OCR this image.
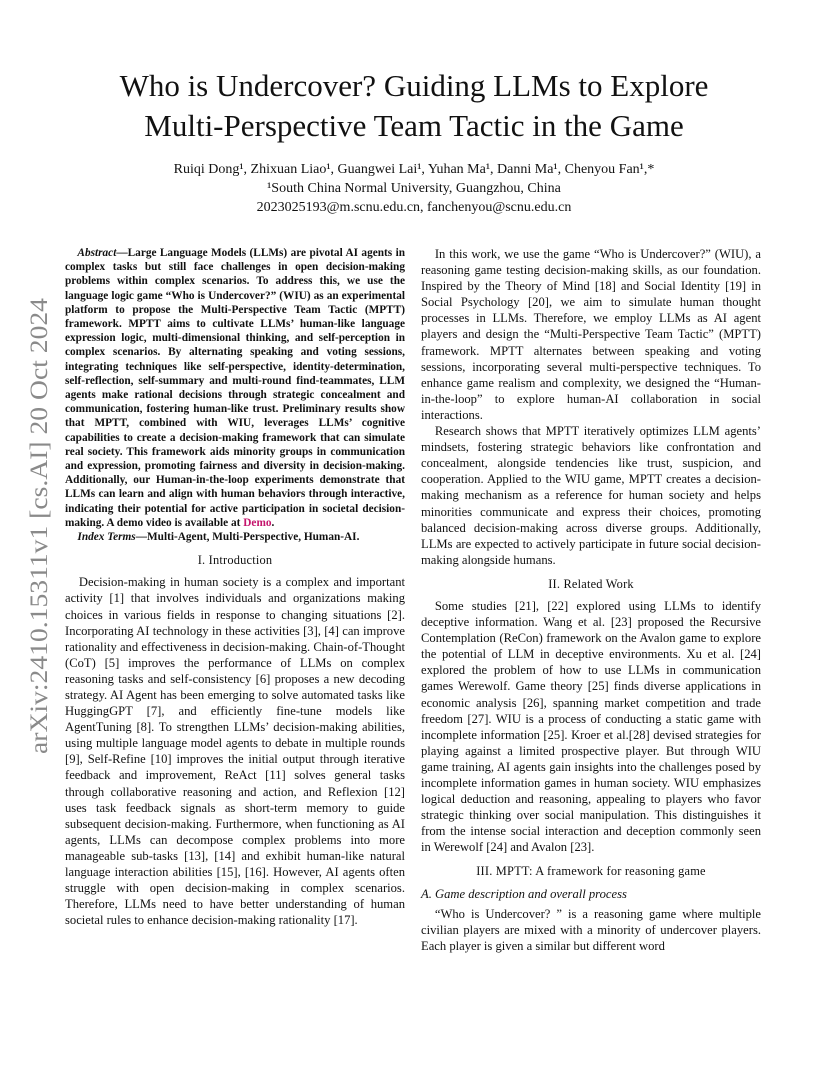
arXiv:2410.15311v1 [cs.AI] 20 Oct 2024
Who is Undercover? Guiding LLMs to Explore
Multi-Perspective Team Tactic in the Game
Ruiqi Dong¹, Zhixuan Liao¹, Guangwei Lai¹, Yuhan Ma¹, Danni Ma¹, Chenyou Fan¹,*
¹South China Normal University, Guangzhou, China
2023025193@m.scnu.edu.cn, fanchenyou@scnu.edu.cn

Abstract—Large Language Models (LLMs) are pivotal AI agents in complex tasks but still face challenges in open decision-making problems within complex scenarios. To address this, we use the language logic game “Who is Undercover?” (WIU) as an experimental platform to propose the Multi-Perspective Team Tactic (MPTT) framework. MPTT aims to cultivate LLMs’ human-like language expression logic, multi-dimensional thinking, and self-perception in complex scenarios. By alternating speaking and voting sessions, integrating techniques like self-perspective, identity-determination, self-reflection, self-summary and multi-round find-teammates, LLM agents make rational decisions through strategic concealment and communication, fostering human-like trust. Preliminary results show that MPTT, combined with WIU, leverages LLMs’ cognitive capabilities to create a decision-making framework that can simulate real society. This framework aids minority groups in communication and expression, promoting fairness and diversity in decision-making. Additionally, our Human-in-the-loop experiments demonstrate that LLMs can learn and align with human behaviors through interactive, indicating their potential for active participation in societal decision-making. A demo video is available at Demo.

Index Terms—Multi-Agent, Multi-Perspective, Human-AI.

I. Introduction

Decision-making in human society is a complex and important activity [1] that involves individuals and organizations making choices in various fields in response to changing situations [2]. Incorporating AI technology in these activities [3], [4] can improve rationality and effectiveness in decision-making. Chain-of-Thought (CoT) [5] improves the performance of LLMs on complex reasoning tasks and self-consistency [6] proposes a new decoding strategy. AI Agent has been emerging to solve automated tasks like HuggingGPT [7], and efficiently fine-tune models like AgentTuning [8]. To strengthen LLMs’ decision-making abilities, using multiple language model agents to debate in multiple rounds [9], Self-Refine [10] improves the initial output through iterative feedback and improvement, ReAct [11] solves general tasks through collaborative reasoning and action, and Reflexion [12] uses task feedback signals as short-term memory to guide subsequent decision-making. Furthermore, when functioning as AI agents, LLMs can decompose complex problems into more manageable sub-tasks [13], [14] and exhibit human-like natural language interaction abilities [15], [16]. However, AI agents often struggle with open decision-making in complex scenarios. Therefore, LLMs need to have better understanding of human societal rules to enhance decision-making rationality [17].

In this work, we use the game “Who is Undercover?” (WIU), a reasoning game testing decision-making skills, as our foundation. Inspired by the Theory of Mind [18] and Social Identity [19] in Social Psychology [20], we aim to simulate human thought processes in LLMs. Therefore, we employ LLMs as AI agent players and design the “Multi-Perspective Team Tactic” (MPTT) framework. MPTT alternates between speaking and voting sessions, incorporating several multi-perspective techniques. To enhance game realism and complexity, we designed the “Human-in-the-loop” to explore human-AI collaboration in social interactions.

Research shows that MPTT iteratively optimizes LLM agents’ mindsets, fostering strategic behaviors like confrontation and concealment, alongside tendencies like trust, suspicion, and cooperation. Applied to the WIU game, MPTT creates a decision-making mechanism as a reference for human society and helps minorities communicate and express their choices, promoting balanced decision-making across diverse groups. Additionally, LLMs are expected to actively participate in future social decision-making alongside humans.

II. Related Work

Some studies [21], [22] explored using LLMs to identify deceptive information. Wang et al. [23] proposed the Recursive Contemplation (ReCon) framework on the Avalon game to explore the potential of LLM in deceptive environments. Xu et al. [24] explored the problem of how to use LLMs in communication games Werewolf. Game theory [25] finds diverse applications in economic analysis [26], spanning market competition and trade freedom [27]. WIU is a process of conducting a static game with incomplete information [25]. Kroer et al.[28] devised strategies for playing against a limited prospective player. But through WIU game training, AI agents gain insights into the challenges posed by incomplete information games in human society. WIU emphasizes logical deduction and reasoning, appealing to players who favor strategic thinking over social manipulation. This distinguishes it from the intense social interaction and deception commonly seen in Werewolf [24] and Avalon [23].

III. MPTT: A framework for reasoning game
A. Game description and overall process

“Who is Undercover? ” is a reasoning game where multiple civilian players are mixed with a minority of undercover players. Each player is given a similar but different word
